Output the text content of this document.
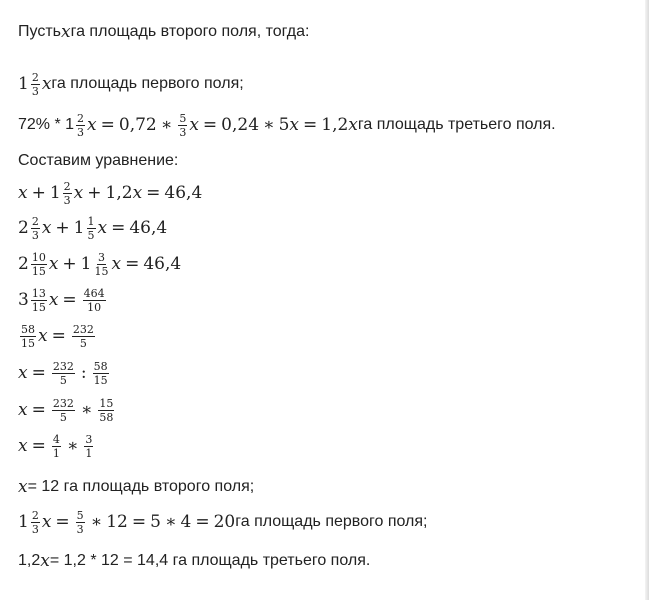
Пусть x га площадь второго поля, тогда:
$1 \frac{2}{3}$ x га площадь первого поля;
$72\% * 1 \frac{2}{3}$ x = 0,72 ∗ $\frac{5}{3}$ x = 0,24 ∗ 5 x = 1,2 x га площадь третьего поля.
Составим уравнение:
$x + 1 \frac{2}{3}$ x + 1,2 x = 46,4
$2 \frac{2}{3}$ $x + 1 \frac{1}{5}$ x = 46,4
$2 \frac{10}{15}$ $x + 1 \frac{3}{15}$ x = 46,4
$3 \frac{13}{15}$ $x = \frac{464}{10}$
$\frac{58}{15}$ $x = \frac{232}{5}$
$x = \frac{232}{5}$ : $\frac{58}{15}$
$x = \frac{232}{5}$ ∗ $\frac{15}{58}$
$x = \frac{4}{1}$ ∗ $\frac{3}{1}$
x = 12 га площадь второго поля;
$1 \frac{2}{3}$ $x = \frac{5}{3}$ ∗ 12 = 5 ∗ 4 = 20 га площадь первого поля;
1,2 x = 1,2 * 12 = 14,4 га площадь третьего поля.
